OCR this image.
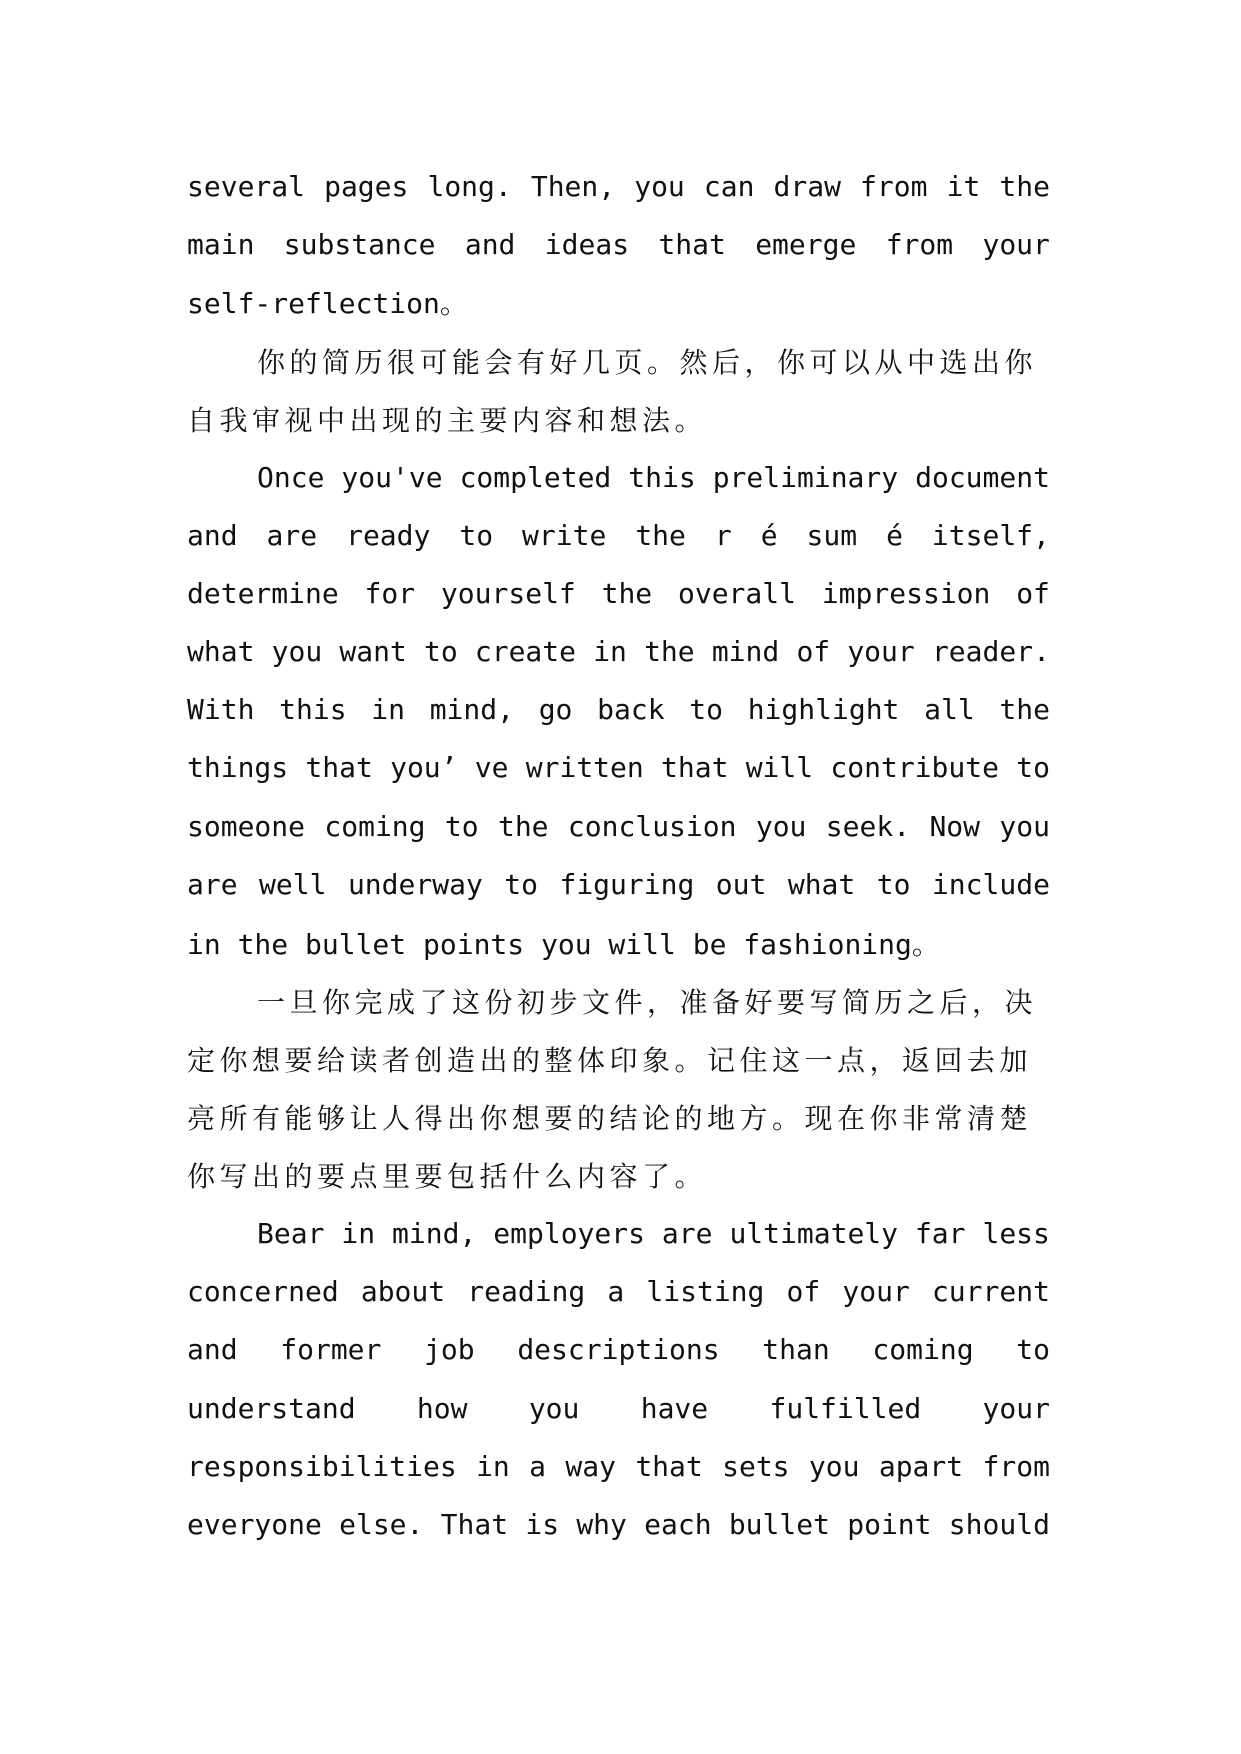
several pages long. Then, you can draw from it the
main substance and ideas that emerge from your
self-reflection。
你的简历很可能会有好几页。然后，你可以从中选出你
自我审视中出现的主要内容和想法。
Once you've completed this preliminary document
and are ready to write the r é sum é itself,
determine for yourself the overall impression of
what you want to create in the mind of your reader.
With this in mind, go back to highlight all the
things that you’ ve written that will contribute to
someone coming to the conclusion you seek. Now you
are well underway to figuring out what to include
in the bullet points you will be fashioning。
一旦你完成了这份初步文件，准备好要写简历之后，决
定你想要给读者创造出的整体印象。记住这一点，返回去加
亮所有能够让人得出你想要的结论的地方。现在你非常清楚
你写出的要点里要包括什么内容了。
Bear in mind, employers are ultimately far less
concerned about reading a listing of your current
and former job descriptions than coming to
understand how you have fulfilled your
responsibilities in a way that sets you apart from
everyone else. That is why each bullet point should
